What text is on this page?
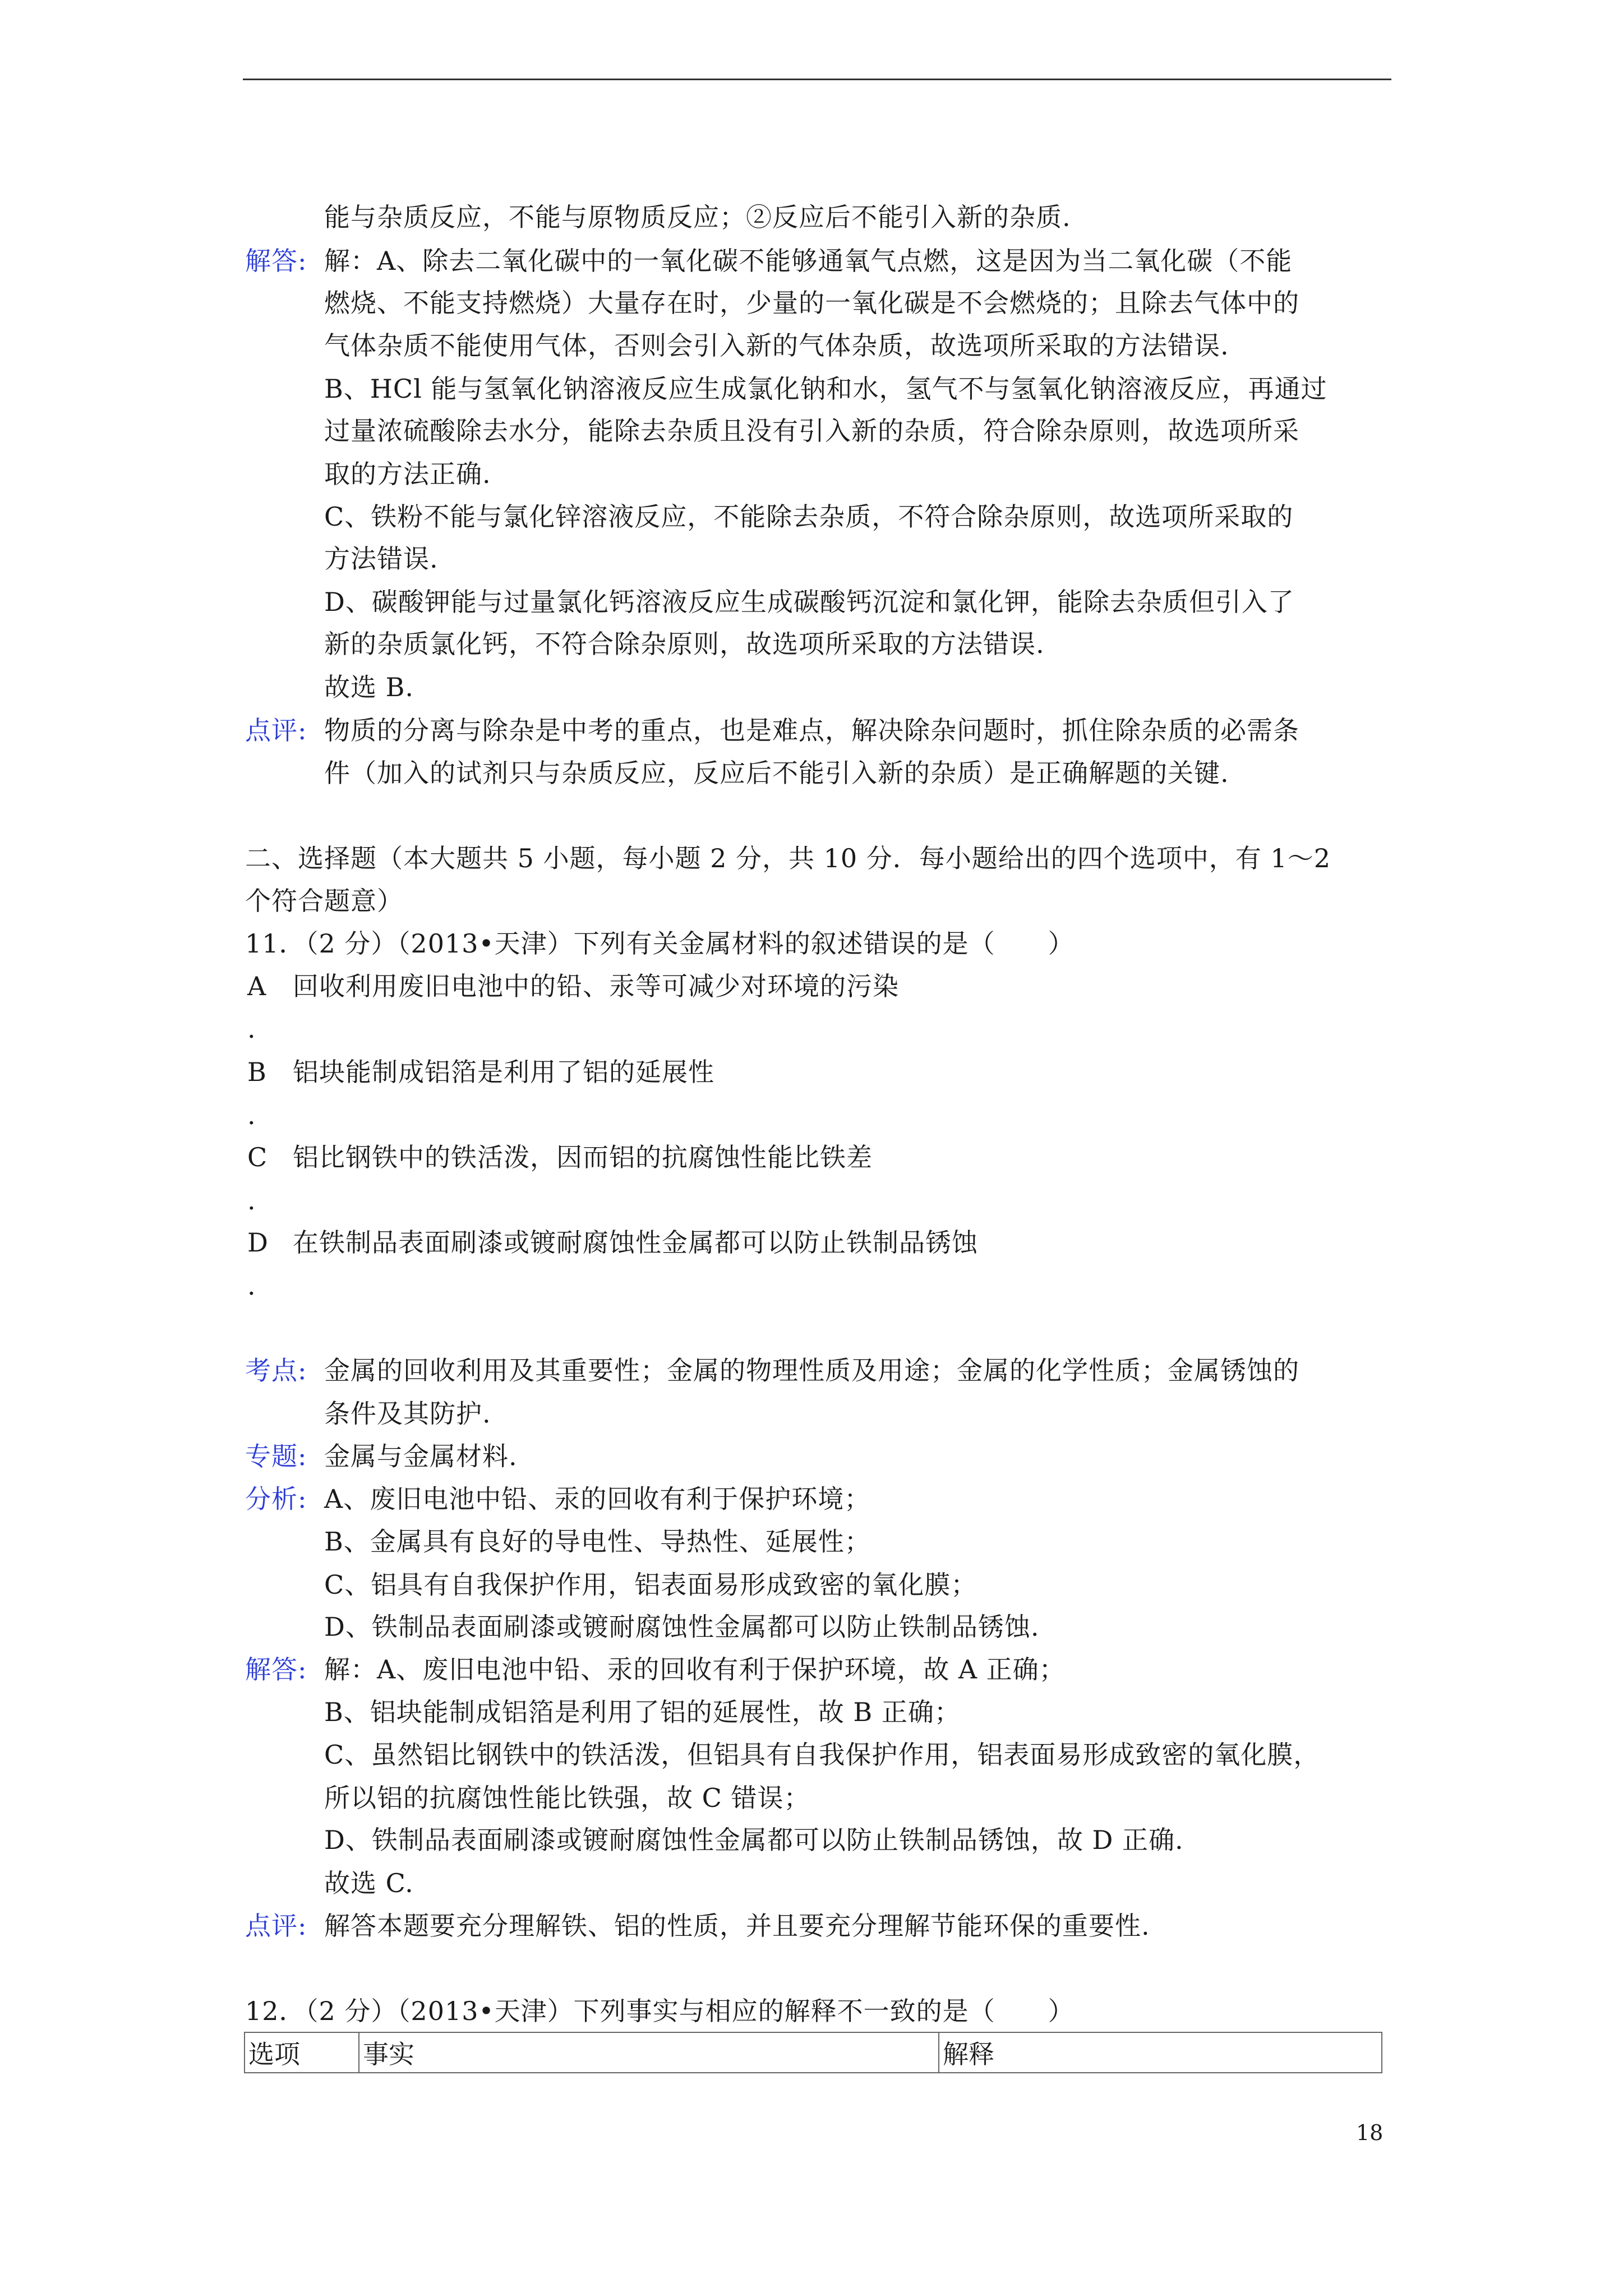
能与杂质反应，不能与原物质反应；②反应后不能引入新的杂质.
解答: 解：A、除去二氧化碳中的一氧化碳不能够通氧气点燃，这是因为当二氧化碳（不能
燃烧、不能支持燃烧）大量存在时，少量的一氧化碳是不会燃烧的；且除去气体中的
气体杂质不能使用气体，否则会引入新的气体杂质，故选项所采取的方法错误.
B、HCl 能与氢氧化钠溶液反应生成氯化钠和水，氢气不与氢氧化钠溶液反应，再通过
过量浓硫酸除去水分，能除去杂质且没有引入新的杂质，符合除杂原则，故选项所采
取的方法正确.
C、铁粉不能与氯化锌溶液反应，不能除去杂质，不符合除杂原则，故选项所采取的
方法错误.
D、碳酸钾能与过量氯化钙溶液反应生成碳酸钙沉淀和氯化钾，能除去杂质但引入了
新的杂质氯化钙，不符合除杂原则，故选项所采取的方法错误.
故选 B.
点评: 物质的分离与除杂是中考的重点，也是难点，解决除杂问题时，抓住除杂质的必需条
件（加入的试剂只与杂质反应，反应后不能引入新的杂质）是正确解题的关键.
二、选择题（本大题共 5 小题，每小题 2 分，共 10 分．每小题给出的四个选项中，有 1～2
个符合题意）
11．（2 分）（2013•天津）下列有关金属材料的叙述错误的是（　　）
A 回收利用废旧电池中的铅、汞等可减少对环境的污染
.
B 铝块能制成铝箔是利用了铝的延展性
.
C 铝比钢铁中的铁活泼，因而铝的抗腐蚀性能比铁差
.
D 在铁制品表面刷漆或镀耐腐蚀性金属都可以防止铁制品锈蚀
.
考点: 金属的回收利用及其重要性；金属的物理性质及用途；金属的化学性质；金属锈蚀的
条件及其防护.
专题: 金属与金属材料.
分析: A、废旧电池中铅、汞的回收有利于保护环境；
B、金属具有良好的导电性、导热性、延展性；
C、铝具有自我保护作用，铝表面易形成致密的氧化膜；
D、铁制品表面刷漆或镀耐腐蚀性金属都可以防止铁制品锈蚀.
解答: 解：A、废旧电池中铅、汞的回收有利于保护环境，故 A 正确；
B、铝块能制成铝箔是利用了铝的延展性，故 B 正确；
C、虽然铝比钢铁中的铁活泼，但铝具有自我保护作用，铝表面易形成致密的氧化膜，
所以铝的抗腐蚀性能比铁强，故 C 错误；
D、铁制品表面刷漆或镀耐腐蚀性金属都可以防止铁制品锈蚀，故 D 正确.
故选 C.
点评: 解答本题要充分理解铁、铝的性质，并且要充分理解节能环保的重要性.
12．（2 分）（2013•天津）下列事实与相应的解释不一致的是（　　）
选项	事实	解释
18
